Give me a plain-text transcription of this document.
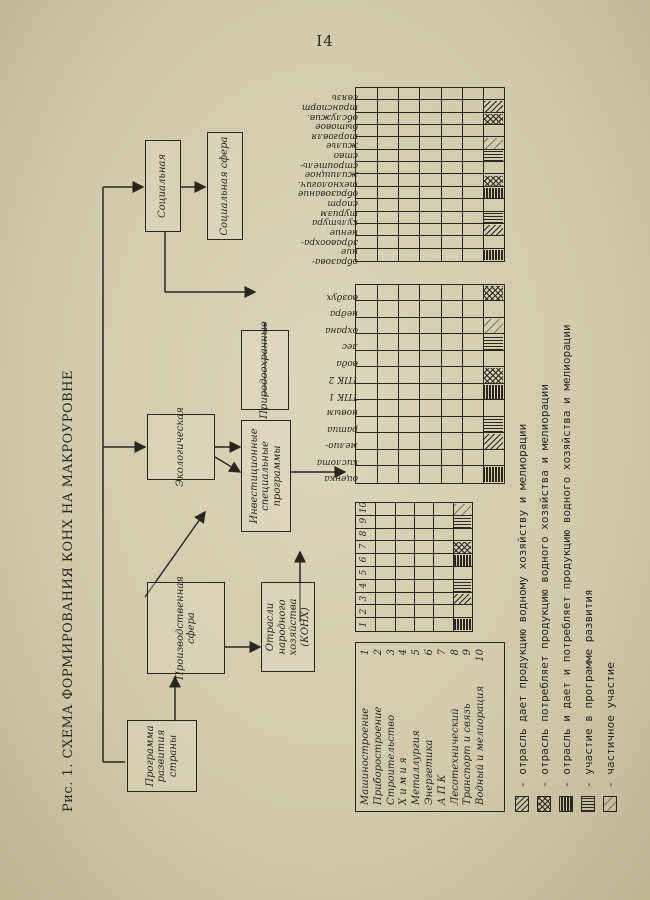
I4
Рис. 1. СХЕМА ФОРМИРОВАНИЯ КОНХ НА МАКРОУРОВНЕ	Программа развития страны
Производственная сфера
Экологическая
Социальная
Отрасли народного хозяйства (КОНХ)
Инвестиционные специальные программы
Природоохранные
Социальная сфера
1
2
3
4
5
6
7
8
9
10
Машиностроение
1
Приборостроение
2
Строительство
3
Х и м и я
4
Металлургия
5
Энергетика
6
А П К
7
Лесотехнический
8
Транспорт и связь
9
Водный и мелиорация
10	- отрасль дает продукцию водному хозяйству и мелиорации - отрасль потребляет продукцию водного хозяйства и мелиорации - отрасль и дает и потребляет продукцию водного хозяйства и мелиорации - участие в программе развития - частичное участие
оценка
кислота
мелио-
ратиа
новым
ТПК 1
ТПК 2
вода
лес
охрана
недра
воздух
образова-
ние
здравоохра-
нение
культура
туризм
спорт
образование
технологич.
жилищное
строитель-
ство
жилье
торговля
бытовое
обслужив.
транспорт
связь
